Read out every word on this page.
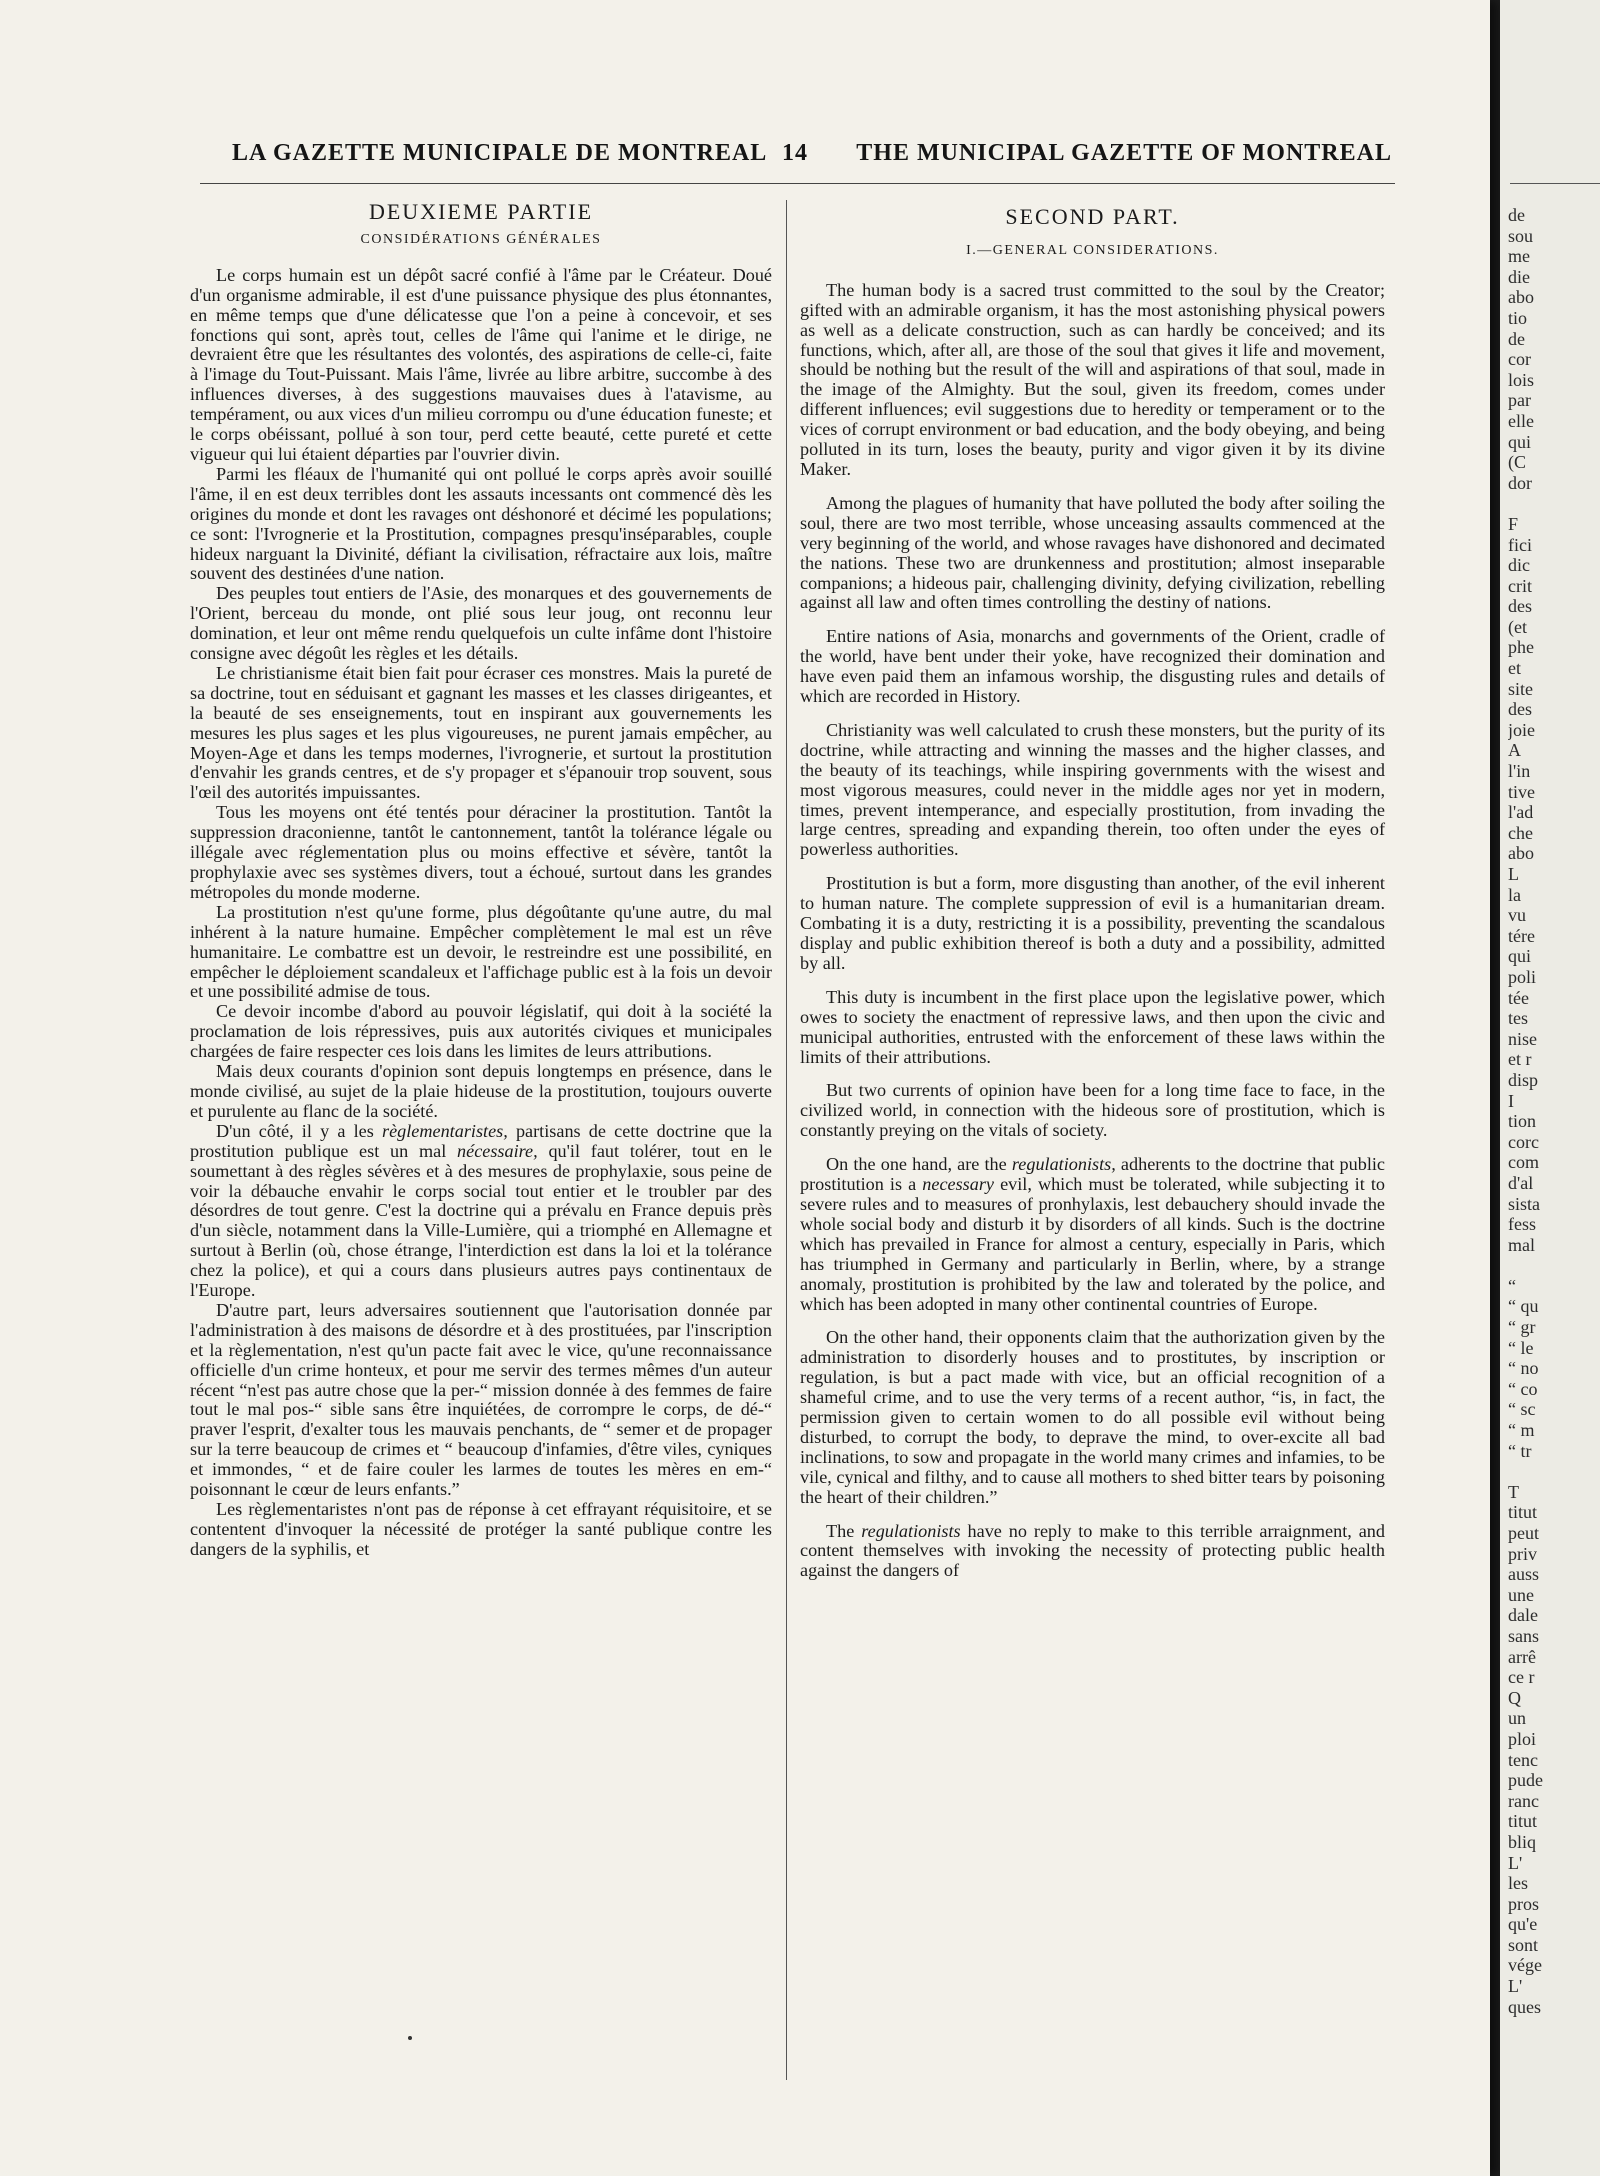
LA GAZETTE MUNICIPALE DE MONTREAL 14 THE MUNICIPAL GAZETTE OF MONTREAL
DEUXIEME PARTIE
CONSIDÉRATIONS GÉNÉRALES

Le corps humain est un dépôt sacré confié à l'âme par le Créateur. Doué d'un organisme admirable, il est d'une puissance physique des plus étonnantes, en même temps que d'une délicatesse que l'on a peine à concevoir, et ses fonctions qui sont, après tout, celles de l'âme qui l'anime et le dirige, ne devraient être que les résultantes des volontés, des aspirations de celle-ci, faite à l'image du Tout-Puissant. Mais l'âme, livrée au libre arbitre, succombe à des influences diverses, à des suggestions mauvaises dues à l'atavisme, au tempérament, ou aux vices d'un milieu corrompu ou d'une éducation funeste; et le corps obéissant, pollué à son tour, perd cette beauté, cette pureté et cette vigueur qui lui étaient départies par l'ouvrier divin.

Parmi les fléaux de l'humanité qui ont pollué le corps après avoir souillé l'âme, il en est deux terribles dont les assauts incessants ont commencé dès les origines du monde et dont les ravages ont déshonoré et décimé les populations; ce sont: l'Ivrognerie et la Prostitution, compagnes presqu'inséparables, couple hideux narguant la Divinité, défiant la civilisation, réfractaire aux lois, maître souvent des destinées d'une nation.

Des peuples tout entiers de l'Asie, des monarques et des gouvernements de l'Orient, berceau du monde, ont plié sous leur joug, ont reconnu leur domination, et leur ont même rendu quelquefois un culte infâme dont l'histoire consigne avec dégoût les règles et les détails.

Le christianisme était bien fait pour écraser ces monstres. Mais la pureté de sa doctrine, tout en séduisant et gagnant les masses et les classes dirigeantes, et la beauté de ses enseignements, tout en inspirant aux gouvernements les mesures les plus sages et les plus vigoureuses, ne purent jamais empêcher, au Moyen-Age et dans les temps modernes, l'ivrognerie, et surtout la prostitution d'envahir les grands centres, et de s'y propager et s'épanouir trop souvent, sous l'œil des autorités impuissantes.

Tous les moyens ont été tentés pour déraciner la prostitution. Tantôt la suppression draconienne, tantôt le cantonnement, tantôt la tolérance légale ou illégale avec réglementation plus ou moins effective et sévère, tantôt la prophylaxie avec ses systèmes divers, tout a échoué, surtout dans les grandes métropoles du monde moderne.

La prostitution n'est qu'une forme, plus dégoûtante qu'une autre, du mal inhérent à la nature humaine. Empêcher complètement le mal est un rêve humanitaire. Le combattre est un devoir, le restreindre est une possibilité, en empêcher le déploiement scandaleux et l'affichage public est à la fois un devoir et une possibilité admise de tous.

Ce devoir incombe d'abord au pouvoir législatif, qui doit à la société la proclamation de lois répressives, puis aux autorités civiques et municipales chargées de faire respecter ces lois dans les limites de leurs attributions.

Mais deux courants d'opinion sont depuis longtemps en présence, dans le monde civilisé, au sujet de la plaie hideuse de la prostitution, toujours ouverte et purulente au flanc de la société.

D'un côté, il y a les règlementaristes, partisans de cette doctrine que la prostitution publique est un mal nécessaire, qu'il faut tolérer, tout en le soumettant à des règles sévères et à des mesures de prophylaxie, sous peine de voir la débauche envahir le corps social tout entier et le troubler par des désordres de tout genre. C'est la doctrine qui a prévalu en France depuis près d'un siècle, notamment dans la Ville-Lumière, qui a triomphé en Allemagne et surtout à Berlin (où, chose étrange, l'interdiction est dans la loi et la tolérance chez la police), et qui a cours dans plusieurs autres pays continentaux de l'Europe.

D'autre part, leurs adversaires soutiennent que l'autorisation donnée par l'administration à des maisons de désordre et à des prostituées, par l'inscription et la règlementation, n'est qu'un pacte fait avec le vice, qu'une reconnaissance officielle d'un crime honteux, et pour me servir des termes mêmes d'un auteur récent “n'est pas autre chose que la per-“ mission donnée à des femmes de faire tout le mal pos-“ sible sans être inquiétées, de corrompre le corps, de dé-“ praver l'esprit, d'exalter tous les mauvais penchants, de “ semer et de propager sur la terre beaucoup de crimes et “ beaucoup d'infamies, d'être viles, cyniques et immondes, “ et de faire couler les larmes de toutes les mères en em-“ poisonnant le cœur de leurs enfants.”

Les règlementaristes n'ont pas de réponse à cet effrayant réquisitoire, et se contentent d'invoquer la nécessité de protéger la santé publique contre les dangers de la syphilis, et

SECOND PART.
I.—GENERAL CONSIDERATIONS.

The human body is a sacred trust committed to the soul by the Creator; gifted with an admirable organism, it has the most astonishing physical powers as well as a delicate construction, such as can hardly be conceived; and its functions, which, after all, are those of the soul that gives it life and movement, should be nothing but the result of the will and aspirations of that soul, made in the image of the Almighty. But the soul, given its freedom, comes under different influences; evil suggestions due to heredity or temperament or to the vices of corrupt environment or bad education, and the body obeying, and being polluted in its turn, loses the beauty, purity and vigor given it by its divine Maker.

Among the plagues of humanity that have polluted the body after soiling the soul, there are two most terrible, whose unceasing assaults commenced at the very beginning of the world, and whose ravages have dishonored and decimated the nations. These two are drunkenness and prostitution; almost inseparable companions; a hideous pair, challenging divinity, defying civilization, rebelling against all law and often times controlling the destiny of nations.

Entire nations of Asia, monarchs and governments of the Orient, cradle of the world, have bent under their yoke, have recognized their domination and have even paid them an infamous worship, the disgusting rules and details of which are recorded in History.

Christianity was well calculated to crush these monsters, but the purity of its doctrine, while attracting and winning the masses and the higher classes, and the beauty of its teachings, while inspiring governments with the wisest and most vigorous measures, could never in the middle ages nor yet in modern, times, prevent intemperance, and especially prostitution, from invading the large centres, spreading and expanding therein, too often under the eyes of powerless authorities.

Prostitution is but a form, more disgusting than another, of the evil inherent to human nature. The complete suppression of evil is a humanitarian dream. Combating it is a duty, restricting it is a possibility, preventing the scandalous display and public exhibition thereof is both a duty and a possibility, admitted by all.

This duty is incumbent in the first place upon the legislative power, which owes to society the enactment of repressive laws, and then upon the civic and municipal authorities, entrusted with the enforcement of these laws within the limits of their attributions.

But two currents of opinion have been for a long time face to face, in the civilized world, in connection with the hideous sore of prostitution, which is constantly preying on the vitals of society.

On the one hand, are the regulationists, adherents to the doctrine that public prostitution is a necessary evil, which must be tolerated, while subjecting it to severe rules and to measures of pronhylaxis, lest debauchery should invade the whole social body and disturb it by disorders of all kinds. Such is the doctrine which has prevailed in France for almost a century, especially in Paris, which has triumphed in Germany and particularly in Berlin, where, by a strange anomaly, prostitution is prohibited by the law and tolerated by the police, and which has been adopted in many other continental countries of Europe.

On the other hand, their opponents claim that the authorization given by the administration to disorderly houses and to prostitutes, by inscription or regulation, is but a pact made with vice, but an official recognition of a shameful crime, and to use the very terms of a recent author, “is, in fact, the permission given to certain women to do all possible evil without being disturbed, to corrupt the body, to deprave the mind, to over-excite all bad inclinations, to sow and propagate in the world many crimes and infamies, to be vile, cynical and filthy, and to cause all mothers to shed bitter tears by poisoning the heart of their children.”

The regulationists have no reply to make to this terrible arraignment, and content themselves with invoking the necessity of protecting public health against the dangers of

de
sou
me
die
abo
tio
de
cor
lois
par
elle
qui
(C
dor

F
fici
dic
crit
des
(et
phe
et
site
des
joie
A
l'in
tive
l'ad
che
abo
L
la
vu
tére
qui
poli
tée
tes
nise
et r
disp
I
tion
corc
com
d'al
sista
fess
mal

“
“ qu
“ gr
“ le
“ no
“ co
“ sc
“ m
“ tr

T
titut
peut
priv
auss
une
dale
sans
arrê
ce r
Q
un
ploi
tenc
pude
ranc
titut
bliq
L'
les
pros
qu'e
sont
vége
L'
ques
